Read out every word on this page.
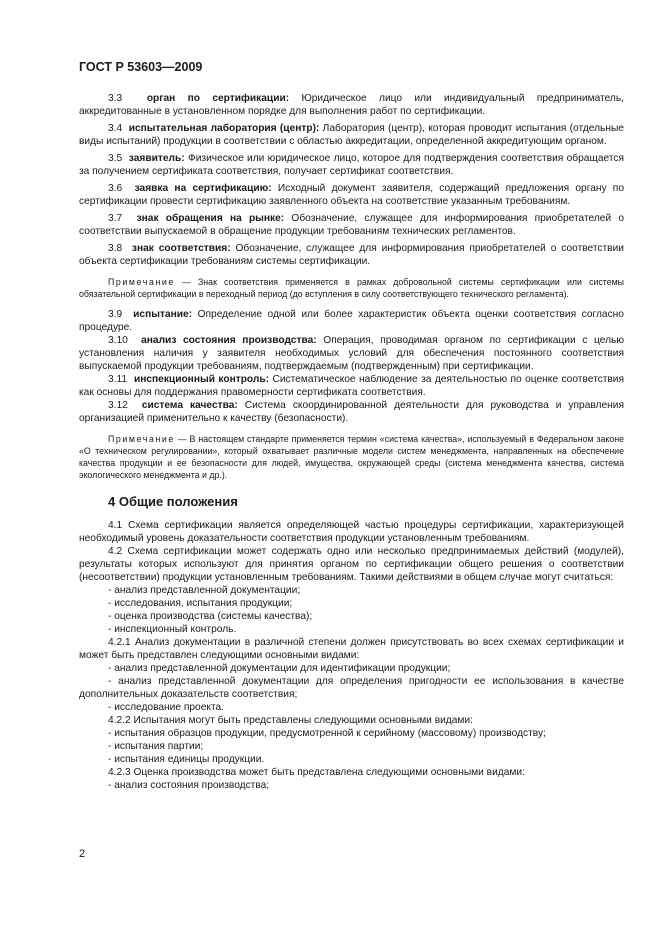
ГОСТ Р 53603—2009

3.3 орган по сертификации: Юридическое лицо или индивидуальный предприниматель, аккредитованные в установленном порядке для выполнения работ по сертификации.

3.4 испытательная лаборатория (центр): Лаборатория (центр), которая проводит испытания (отдельные виды испытаний) продукции в соответствии с областью аккредитации, определенной аккредитующим органом.

3.5 заявитель: Физическое или юридическое лицо, которое для подтверждения соответствия обращается за получением сертификата соответствия, получает сертификат соответствия.

3.6 заявка на сертификацию: Исходный документ заявителя, содержащий предложения органу по сертификации провести сертификацию заявленного объекта на соответствие указанным требованиям.

3.7 знак обращения на рынке: Обозначение, служащее для информирования приобретателей о соответствии выпускаемой в обращение продукции требованиям технических регламентов.

3.8 знак соответствия: Обозначение, служащее для информирования приобретателей о соответствии объекта сертификации требованиям системы сертификации.

Примечание — Знак соответствия применяется в рамках добровольной системы сертификации или системы обязательной сертификации в переходный период (до вступления в силу соответствующего технического регламента).

3.9 испытание: Определение одной или более характеристик объекта оценки соответствия согласно процедуре.

3.10 анализ состояния производства: Операция, проводимая органом по сертификации с целью установления наличия у заявителя необходимых условий для обеспечения постоянного соответствия выпускаемой продукции требованиям, подтверждаемым (подтвержденным) при сертификации.

3.11 инспекционный контроль: Систематическое наблюдение за деятельностью по оценке соответствия как основы для поддержания правомерности сертификата соответствия.

3.12 система качества: Система скоординированной деятельности для руководства и управления организацией применительно к качеству (безопасности).

Примечание — В настоящем стандарте применяется термин «система качества», используемый в Федеральном законе «О техническом регулировании», который охватывает различные модели систем менеджмента, направленных на обеспечение качества продукции и ее безопасности для людей, имущества, окружающей среды (система менеджмента качества, система экологического менеджмента и др.).

4 Общие положения

4.1 Схема сертификации является определяющей частью процедуры сертификации, характеризующей необходимый уровень доказательности соответствия продукции установленным требованиям.

4.2 Схема сертификации может содержать одно или несколько предпринимаемых действий (модулей), результаты которых используют для принятия органом по сертификации общего решения о соответствии (несоответствии) продукции установленным требованиям. Такими действиями в общем случае могут считаться:

- анализ представленной документации;

- исследования, испытания продукции;

- оценка производства (системы качества);

- инспекционный контроль.

4.2.1 Анализ документации в различной степени должен присутствовать во всех схемах сертификации и может быть представлен следующими основными видами:

- анализ представленной документации для идентификации продукции;

- анализ представленной документации для определения пригодности ее использования в качестве дополнительных доказательств соответствия;

- исследование проекта.

4.2.2 Испытания могут быть представлены следующими основными видами:

- испытания образцов продукции, предусмотренной к серийному (массовому) производству;

- испытания партии;

- испытания единицы продукции.

4.2.3 Оценка производства может быть представлена следующими основными видами:

- анализ состояния производства;

2
